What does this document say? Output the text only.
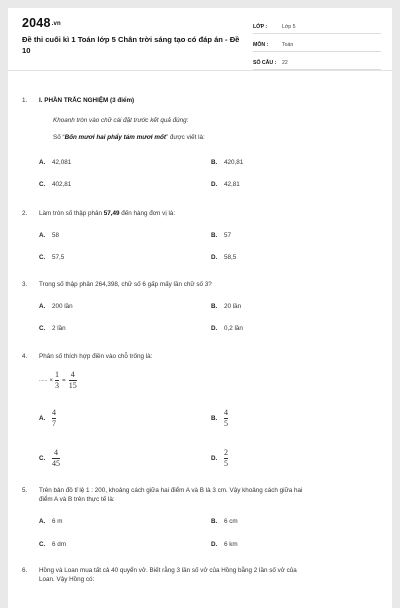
2048.vn
Đề thi cuối kì 1 Toán lớp 5 Chân trời sáng tạo có đáp án - Đề 10
LỚP :	Lớp 5
MÔN :	Toán
SỐ CÂU :	22
1.	I. PHẦN TRẮC NGHIỆM (3 điểm)
Khoanh tròn vào chữ cái đặt trước kết quả đúng:
Số “Bốn mươi hai phẩy tám mươi mốt” được viết là:
A.	42,081	B.	420,81
C.	402,81	D.	42,81
2.	Làm tròn số thập phân 57,49 đến hàng đơn vị là:
A.	58	B.	57
C.	57,5	D.	58,5
3.	Trong số thập phân 264,398, chữ số 6 gấp mấy lần chữ số 3?
A.	200 lần	B.	20 lần
C.	2 lần	D.	0,2 lần
4.	Phân số thích hợp điền vào chỗ trống là:
...... × $\frac{1}{3} = \frac{4}{15}$
A. $\frac{4}{7}$	B. $\frac{4}{5}$
C. $\frac{4}{45}$	D. $\frac{2}{5}$
5.	Trên bản đồ tỉ lệ 1 : 200, khoảng cách giữa hai điểm A và B là 3 cm. Vậy khoảng cách giữa hai
điểm A và B trên thực tế là:
A.	6 m	B.	6 cm
C.	6 dm	D.	6 km
6.	Hồng và Loan mua tất cả 40 quyển vở. Biết rằng 3 lần số vở của Hồng bằng 2 lần số vở của
Loan. Vậy Hồng có:
